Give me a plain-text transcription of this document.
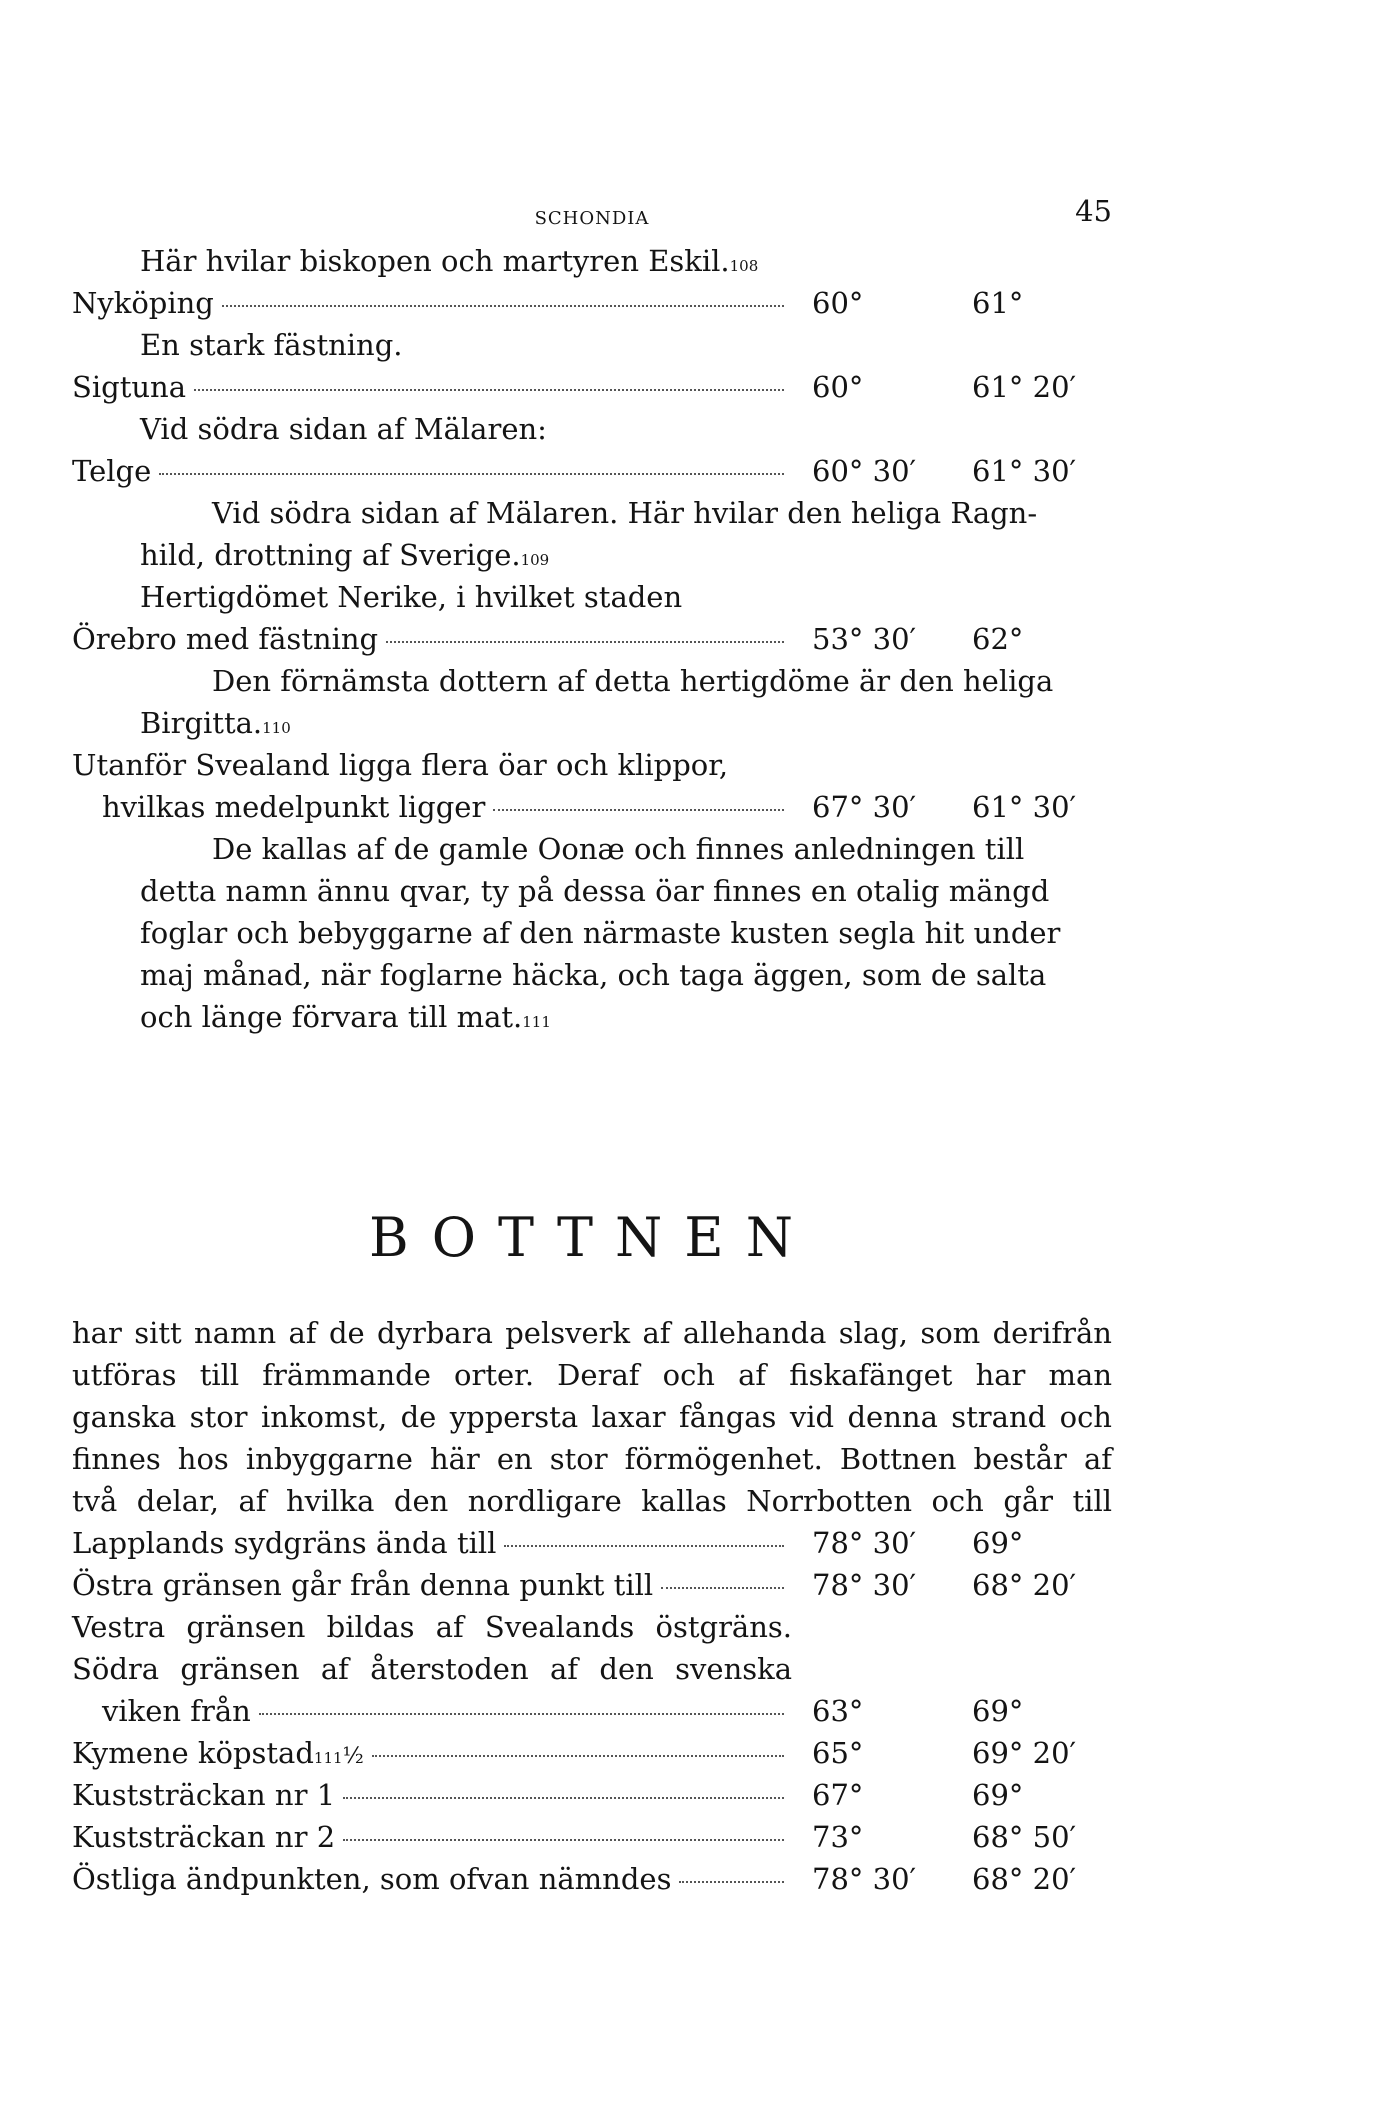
SCHONDIA	45
Här hvilar biskopen och martyren Eskil. 108
Nyköping	60°	61°
En stark fästning.
Sigtuna	60°	61° 20′
Vid södra sidan af Mälaren:
Telge	60° 30′	61° 30′
Vid södra sidan af Mälaren. Här hvilar den heliga Ragn-
hild, drottning af Sverige. 109
Hertigdömet Nerike, i hvilket staden
Örebro med fästning	53° 30′	62°
Den förnämsta dottern af detta hertigdöme är den heliga
Birgitta. 110
Utanför Svealand ligga flera öar och klippor,
hvilkas medelpunkt ligger	67° 30′	61° 30′
De kallas af de gamle Oonæ och finnes anledningen till
detta namn ännu qvar, ty på dessa öar finnes en otalig mängd
foglar och bebyggarne af den närmaste kusten segla hit under
maj månad, när foglarne häcka, och taga äggen, som de salta
och länge förvara till mat. 111
BOTTNEN
har sitt namn af de dyrbara pelsverk af allehanda slag, som derifrån
utföras till främmande orter. Deraf och af fiskafänget har man
ganska stor inkomst, de yppersta laxar fångas vid denna strand och
finnes hos inbyggarne här en stor förmögenhet. Bottnen består af
två delar, af hvilka den nordligare kallas Norrbotten och går till
Lapplands sydgräns ända till	78° 30′	69°
Östra gränsen går från denna punkt till	78° 30′	68° 20′
Vestra gränsen bildas af Svealands östgräns.
Södra gränsen af återstoden af den svenska
viken från	63°	69°
Kymene köpstad 111 ½	65°	69° 20′
Kuststräckan nr 1	67°	69°
Kuststräckan nr 2	73°	68° 50′
Östliga ändpunkten, som ofvan nämndes	78° 30′	68° 20′
